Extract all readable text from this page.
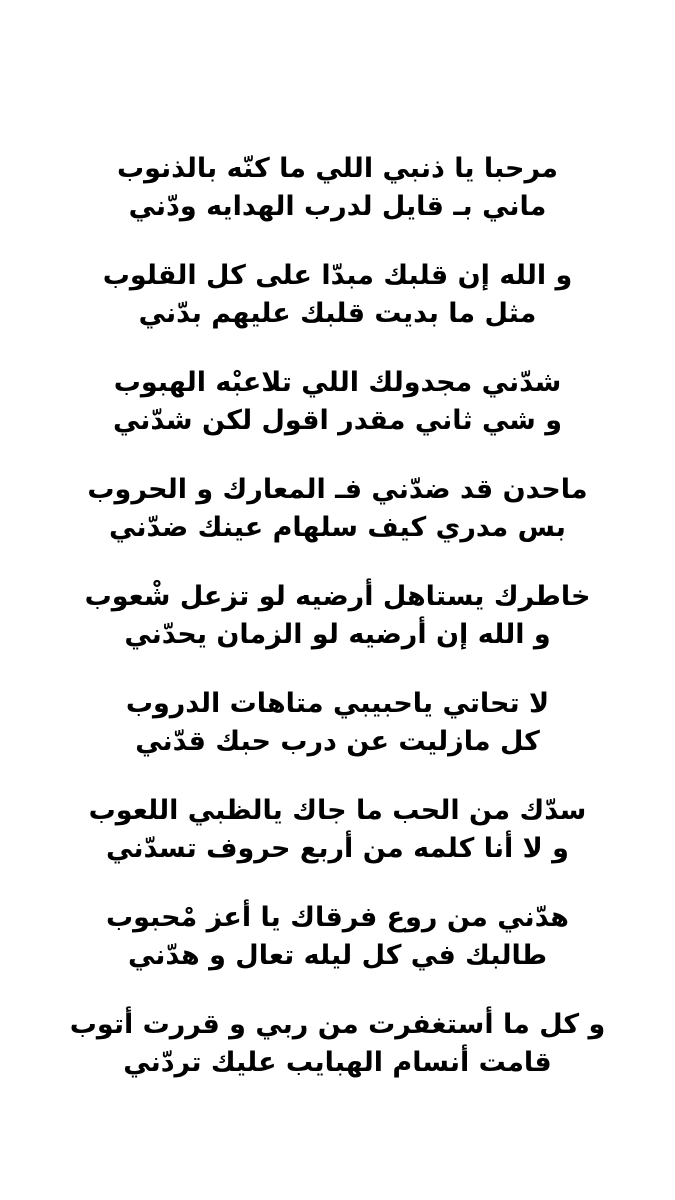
مرحبا يا ذنبي اللي ما كنّه بالذنوب
ماني بـ قايل لدرب الهدايه ودّني
و الله إن قلبك مبدّا على كل القلوب
مثل ما بديت قلبك عليهم بدّني
شدّني مجدولك اللي تلاعبْه الهبوب
و شي ثاني مقدر اقول لكن شدّني
ماحدن قد ضدّني فـ المعارك و الحروب
بس مدري كيف سلهام عينك ضدّني
خاطرك يستاهل أرضيه لو تزعل شْعوب
و الله إن أرضيه لو الزمان يحدّني
لا تحاتي ياحبيبي متاهات الدروب
كل مازليت عن درب حبك قدّني
سدّك من الحب ما جاك يالظبي اللعوب
و لا أنا كلمه من أربع حروف تسدّني
هدّني من روع فرقاك يا أعز مْحبوب
طالبك في كل ليله تعال و هدّني
و كل ما أستغفرت من ربي و قررت أتوب
قامت أنسام الهبايب عليك تردّني
